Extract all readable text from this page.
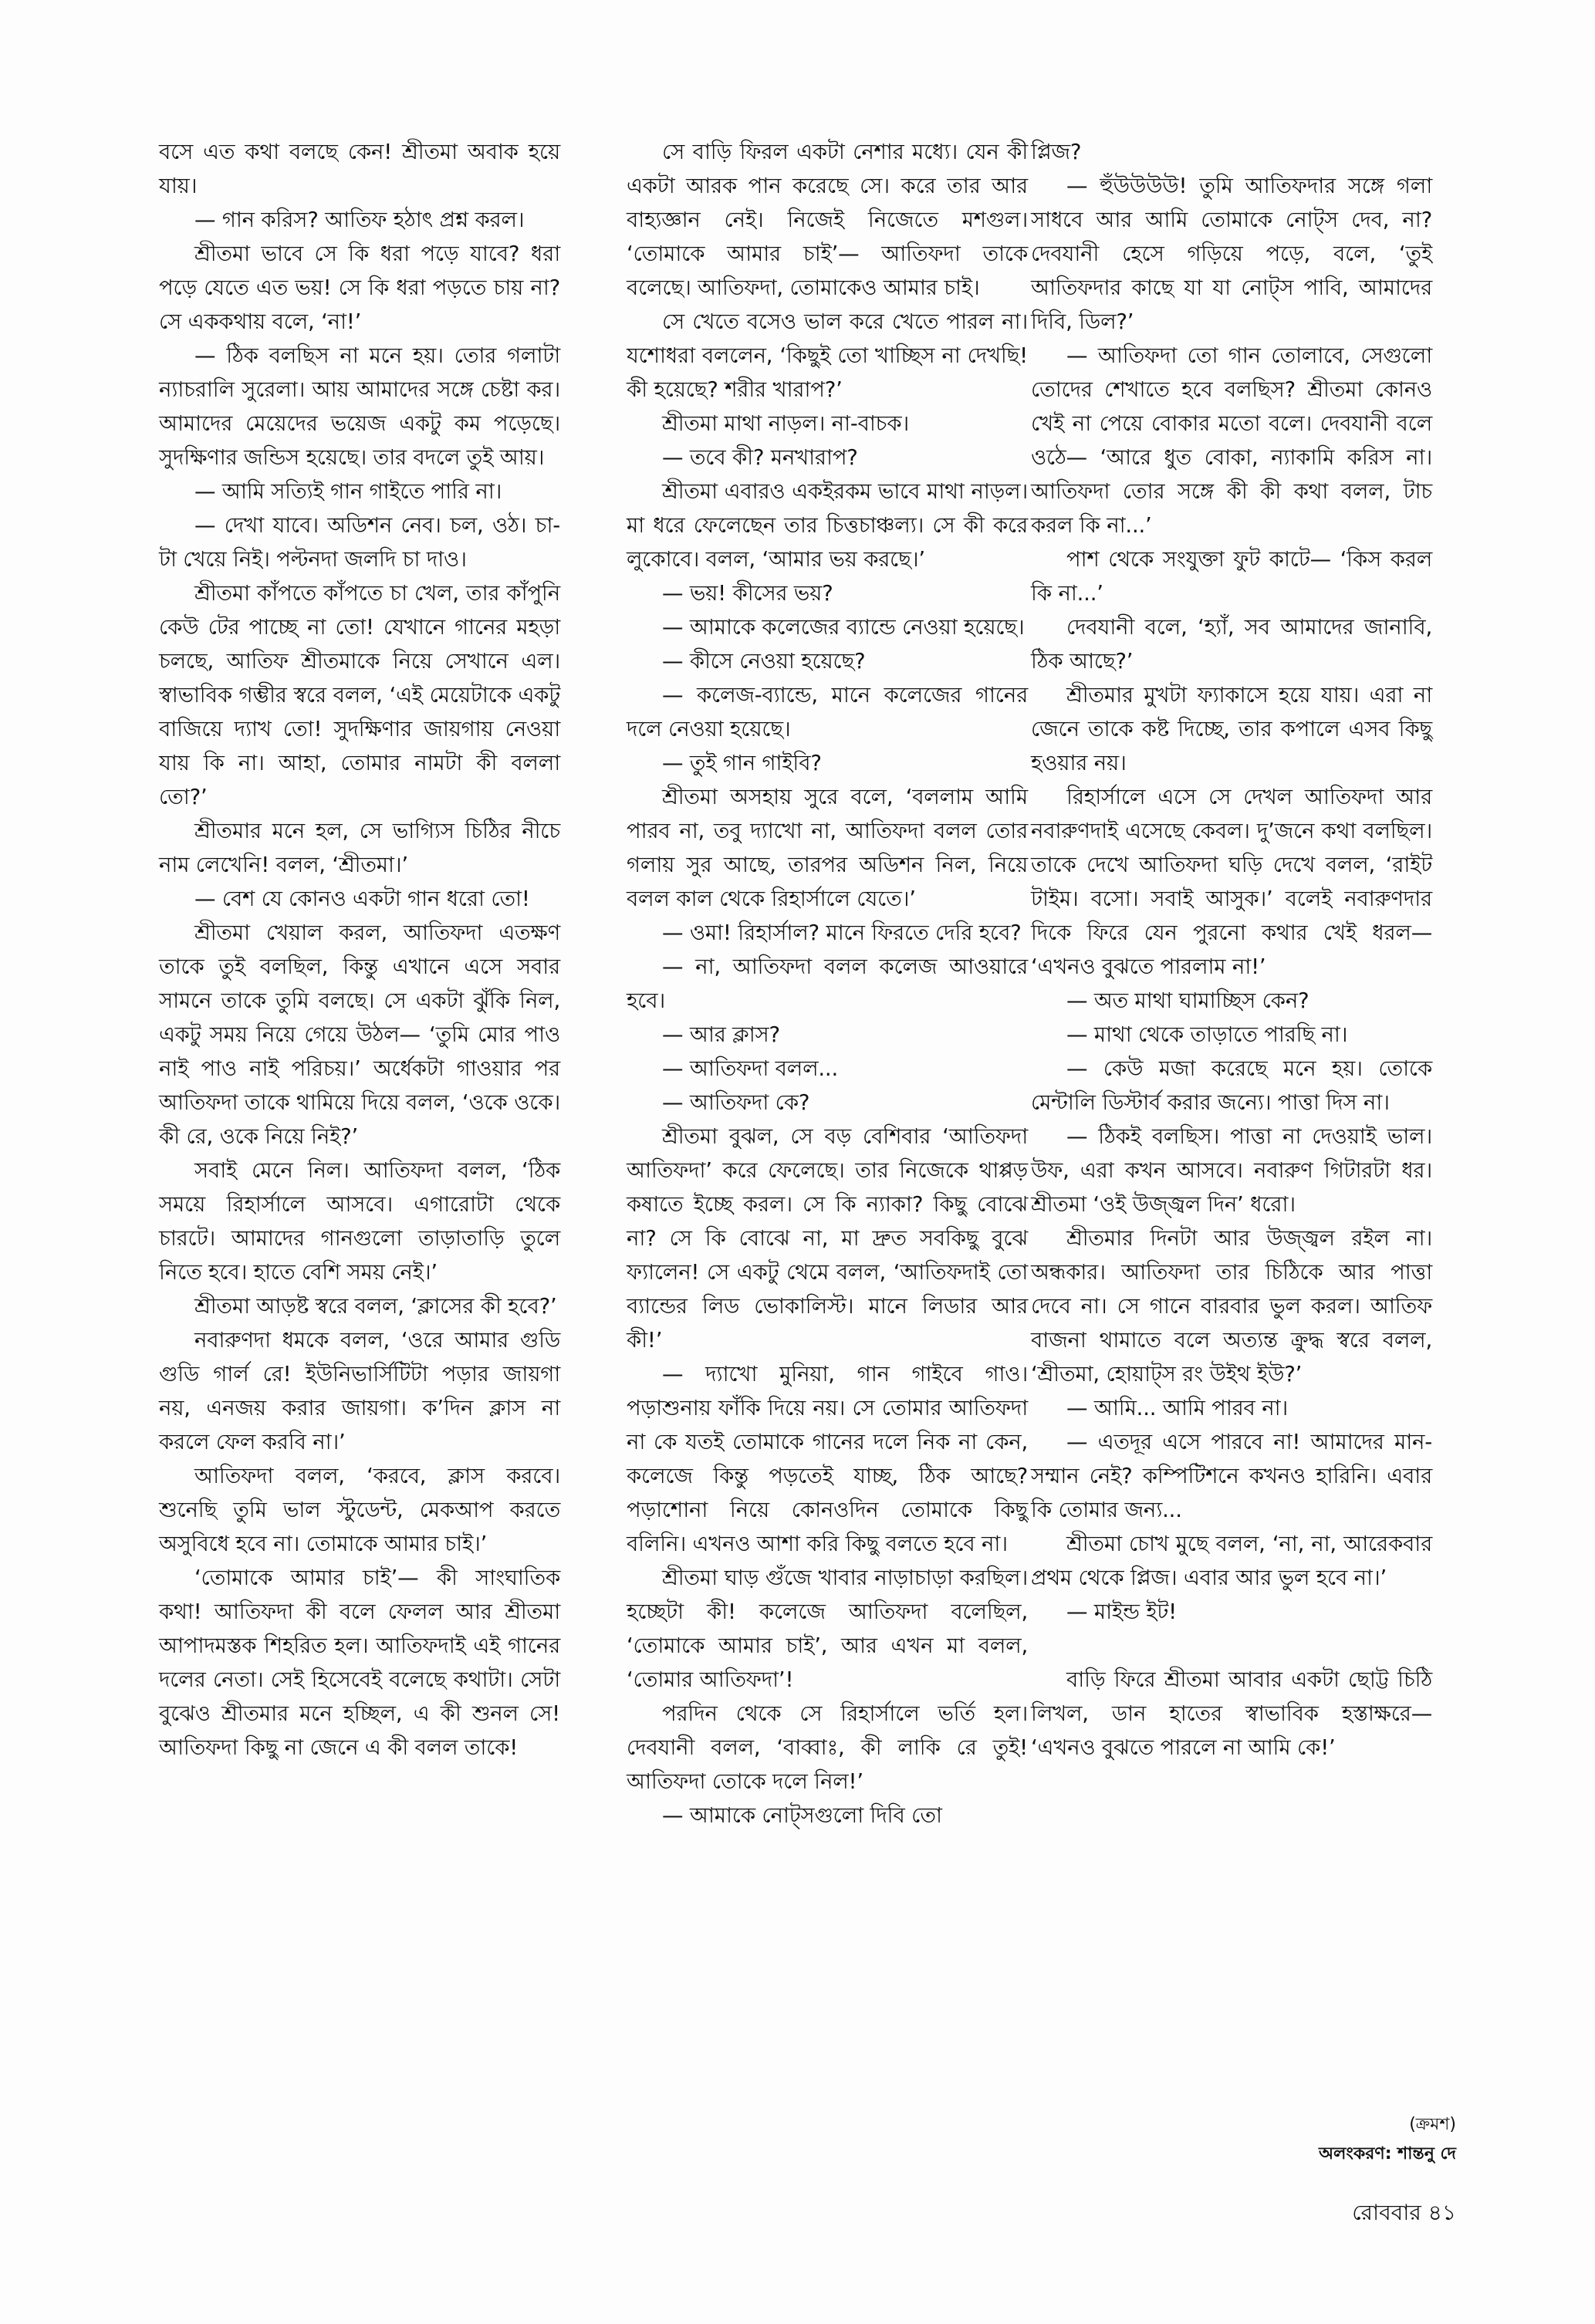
বসে এত কথা বলছে কেন! শ্রীতমা অবাক হয়ে যায়।

— গান করিস? আতিফ হঠাৎ প্রশ্ন করল।

শ্রীতমা ভাবে সে কি ধরা পড়ে যাবে? ধরা পড়ে যেতে এত ভয়! সে কি ধরা পড়তে চায় না? সে এককথায় বলে, ‘না!’

— ঠিক বলছিস না মনে হয়। তোর গলাটা ন্যাচরালি সুরেলা। আয় আমাদের সঙ্গে চেষ্টা কর। আমাদের মেয়েদের ভয়েজ একটু কম পড়েছে। সুদক্ষিণার জন্ডিস হয়েছে। তার বদলে তুই আয়।

— আমি সত্যিই গান গাইতে পারি না।

— দেখা যাবে। অডিশন নেব। চল, ওঠ। চা-টা খেয়ে নিই। পল্টনদা জলদি চা দাও।

শ্রীতমা কাঁপতে কাঁপতে চা খেল, তার কাঁপুনি কেউ টের পাচ্ছে না তো! যেখানে গানের মহড়া চলছে, আতিফ শ্রীতমাকে নিয়ে সেখানে এল। স্বাভাবিক গম্ভীর স্বরে বলল, ‘এই মেয়েটাকে একটু বাজিয়ে দ্যাখ তো! সুদক্ষিণার জায়গায় নেওয়া যায় কি না। আহা, তোমার নামটা কী বললা তো?’

শ্রীতমার মনে হল, সে ভাগ্যিস চিঠির নীচে নাম লেখেনি! বলল, ‘শ্রীতমা।’

— বেশ যে কোনও একটা গান ধরো তো!

শ্রীতমা খেয়াল করল, আতিফদা এতক্ষণ তাকে তুই বলছিল, কিন্তু এখানে এসে সবার সামনে তাকে তুমি বলছে। সে একটা ঝুঁকি নিল, একটু সময় নিয়ে গেয়ে উঠল— ‘তুমি মোর পাও নাই পাও নাই পরিচয়।’ অর্ধেকটা গাওয়ার পর আতিফদা তাকে থামিয়ে দিয়ে বলল, ‘ওকে ওকে। কী রে, ওকে নিয়ে নিই?’

সবাই মেনে নিল। আতিফদা বলল, ‘ঠিক সময়ে রিহার্সালে আসবে। এগারোটা থেকে চারটে। আমাদের গানগুলো তাড়াতাড়ি তুলে নিতে হবে। হাতে বেশি সময় নেই।’

শ্রীতমা আড়ষ্ট স্বরে বলল, ‘ক্লাসের কী হবে?’

নবারুণদা ধমকে বলল, ‘ওরে আমার গুডি গুডি গার্ল রে! ইউনিভার্সিটিটা পড়ার জায়গা নয়, এনজয় করার জায়গা। ক’দিন ক্লাস না করলে ফেল করবি না।’

আতিফদা বলল, ‘করবে, ক্লাস করবে। শুনেছি তুমি ভাল স্টুডেন্ট, মেকআপ করতে অসুবিধে হবে না। তোমাকে আমার চাই।’

‘তোমাকে আমার চাই’— কী সাংঘাতিক কথা! আতিফদা কী বলে ফেলল আর শ্রীতমা আপাদমস্তক শিহরিত হল। আতিফদাই এই গানের দলের নেতা। সেই হিসেবেই বলেছে কথাটা। সেটা বুঝেও শ্রীতমার মনে হচ্ছিল, এ কী শুনল সে! আতিফদা কিছু না জেনে এ কী বলল তাকে!

সে বাড়ি ফিরল একটা নেশার মধ্যে। যেন কী একটা আরক পান করেছে সে। করে তার আর বাহ্যজ্ঞান নেই। নিজেই নিজেতে মশগুল। ‘তোমাকে আমার চাই’— আতিফদা তাকে বলেছে। আতিফদা, তোমাকেও আমার চাই।

সে খেতে বসেও ভাল করে খেতে পারল না। যশোধরা বললেন, ‘কিছুই তো খাচ্ছিস না দেখছি! কী হয়েছে? শরীর খারাপ?’

শ্রীতমা মাথা নাড়ল। না-বাচক।

— তবে কী? মনখারাপ?

শ্রীতমা এবারও একইরকম ভাবে মাথা নাড়ল। মা ধরে ফেলেছেন তার চিত্তচাঞ্চল্য। সে কী করে লুকোবে। বলল, ‘আমার ভয় করছে।’

— ভয়! কীসের ভয়?

— আমাকে কলেজের ব্যান্ডে নেওয়া হয়েছে।

— কীসে নেওয়া হয়েছে?

— কলেজ-ব্যান্ডে, মানে কলেজের গানের দলে নেওয়া হয়েছে।

— তুই গান গাইবি?

শ্রীতমা অসহায় সুরে বলে, ‘বললাম আমি পারব না, তবু দ্যাখো না, আতিফদা বলল তোর গলায় সুর আছে, তারপর অডিশন নিল, নিয়ে বলল কাল থেকে রিহার্সালে যেতে।’

— ওমা! রিহার্সাল? মানে ফিরতে দেরি হবে?

— না, আতিফদা বলল কলেজ আওয়ারে হবে।

— আর ক্লাস?

— আতিফদা বলল...

— আতিফদা কে?

শ্রীতমা বুঝল, সে বড় বেশিবার ‘আতিফদা আতিফদা’ করে ফেলেছে। তার নিজেকে থাপ্পড় কষাতে ইচ্ছে করল। সে কি ন্যাকা? কিছু বোঝে না? সে কি বোঝে না, মা দ্রুত সবকিছু বুঝে ফ্যালেন! সে একটু থেমে বলল, ‘আতিফদাই তো ব্যান্ডের লিড ভোকালিস্ট। মানে লিডার আর কী!’

— দ্যাখো মুনিয়া, গান গাইবে গাও। পড়াশুনায় ফাঁকি দিয়ে নয়। সে তোমার আতিফদা না কে যতই তোমাকে গানের দলে নিক না কেন, কলেজে কিন্তু পড়তেই যাচ্ছ, ঠিক আছে? পড়াশোনা নিয়ে কোনওদিন তোমাকে কিছু বলিনি। এখনও আশা করি কিছু বলতে হবে না।

শ্রীতমা ঘাড় গুঁজে খাবার নাড়াচাড়া করছিল। হচ্ছেটা কী! কলেজে আতিফদা বলেছিল, ‘তোমাকে আমার চাই’, আর এখন মা বলল, ‘তোমার আতিফদা’!

পরদিন থেকে সে রিহার্সালে ভর্তি হল। দেবযানী বলল, ‘বাব্বাঃ, কী লাকি রে তুই! আতিফদা তোকে দলে নিল!’

— আমাকে নোট্সগুলো দিবি তো

প্লিজ?

— হুঁউউউউ! তুমি আতিফদার সঙ্গে গলা সাধবে আর আমি তোমাকে নোট্স দেব, না? দেবযানী হেসে গড়িয়ে পড়ে, বলে, ‘তুই আতিফদার কাছে যা যা নোট্স পাবি, আমাদের দিবি, ডিল?’

— আতিফদা তো গান তোলাবে, সেগুলো তোদের শেখাতে হবে বলছিস? শ্রীতমা কোনও খেই না পেয়ে বোকার মতো বলে। দেবযানী বলে ওঠে— ‘আরে ধুত বোকা, ন্যাকামি করিস না। আতিফদা তোর সঙ্গে কী কী কথা বলল, টাচ করল কি না...’

পাশ থেকে সংযুক্তা ফুট কাটে— ‘কিস করল কি না...’

দেবযানী বলে, ‘হ্যাঁ, সব আমাদের জানাবি, ঠিক আছে?’

শ্রীতমার মুখটা ফ্যাকাসে হয়ে যায়। এরা না জেনে তাকে কষ্ট দিচ্ছে, তার কপালে এসব কিছু হওয়ার নয়।

রিহার্সালে এসে সে দেখল আতিফদা আর নবারুণদাই এসেছে কেবল। দু’জনে কথা বলছিল। তাকে দেখে আতিফদা ঘড়ি দেখে বলল, ‘রাইট টাইম। বসো। সবাই আসুক।’ বলেই নবারুণদার দিকে ফিরে যেন পুরনো কথার খেই ধরল— ‘এখনও বুঝতে পারলাম না!’

— অত মাথা ঘামাচ্ছিস কেন?

— মাথা থেকে তাড়াতে পারছি না।

— কেউ মজা করেছে মনে হয়। তোকে মেন্টালি ডিস্টার্ব করার জন্যে। পাত্তা দিস না।

— ঠিকই বলছিস। পাত্তা না দেওয়াই ভাল। উফ, এরা কখন আসবে। নবারুণ গিটারটা ধর। শ্রীতমা ‘ওই উজ্জ্বল দিন’ ধরো।

শ্রীতমার দিনটা আর উজ্জ্বল রইল না। অন্ধকার। আতিফদা তার চিঠিকে আর পাত্তা দেবে না। সে গানে বারবার ভুল করল। আতিফ বাজনা থামাতে বলে অত্যন্ত ক্রুদ্ধ স্বরে বলল, ‘শ্রীতমা, হোয়াট্স রং উইথ ইউ?’

— আমি... আমি পারব না।

— এতদূর এসে পারবে না! আমাদের মান-সম্মান নেই? কম্পিটিশনে কখনও হারিনি। এবার কি তোমার জন্য...

শ্রীতমা চোখ মুছে বলল, ‘না, না, আরেকবার প্রথম থেকে প্লিজ। এবার আর ভুল হবে না।’

— মাইন্ড ইট!

বাড়ি ফিরে শ্রীতমা আবার একটা ছোট্ট চিঠি লিখল, ডান হাতের স্বাভাবিক হস্তাক্ষরে— ‘এখনও বুঝতে পারলে না আমি কে!’

(ক্রমশ)
অলংকরণ: শান্তনু দে
রোববার ৪১
